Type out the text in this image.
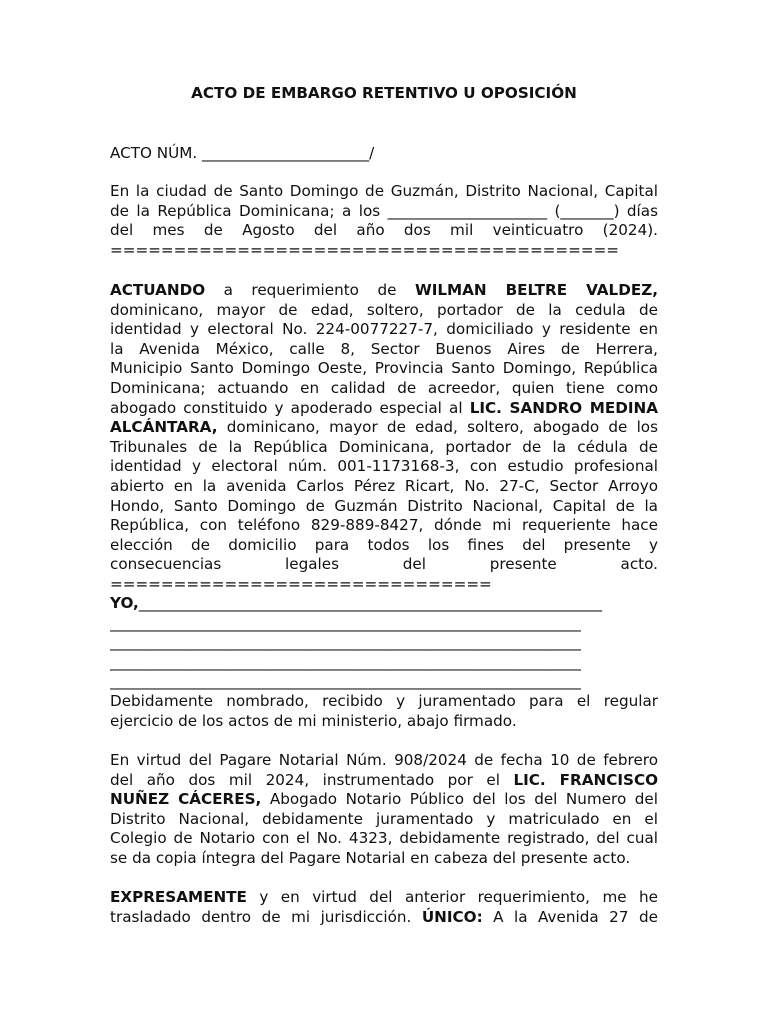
ACTO DE EMBARGO RETENTIVO U OPOSICIÓN
ACTO NÚM. ______________________/
En la ciudad de Santo Domingo de Guzmán, Distrito Nacional, Capital
de la República Dominicana; a los _____________________ (_______) días
del mes de Agosto del año dos mil veinticuatro (2024).
========================================
ACTUANDO a requerimiento de WILMAN BELTRE VALDEZ,
dominicano, mayor de edad, soltero, portador de la cedula de
identidad y electoral No. 224-0077227-7, domiciliado y residente en
la Avenida México, calle 8, Sector Buenos Aires de Herrera,
Municipio Santo Domingo Oeste, Provincia Santo Domingo, República
Dominicana; actuando en calidad de acreedor, quien tiene como
abogado constituido y apoderado especial al LIC. SANDRO MEDINA
ALCÁNTARA, dominicano, mayor de edad, soltero, abogado de los
Tribunales de la República Dominicana, portador de la cédula de
identidad y electoral núm. 001-1173168-3, con estudio profesional
abierto en la avenida Carlos Pérez Ricart, No. 27-C, Sector Arroyo
Hondo, Santo Domingo de Guzmán Distrito Nacional, Capital de la
República, con teléfono 829-889-8427, dónde mi requeriente hace
elección de domicilio para todos los fines del presente y
consecuencias legales del presente acto.
==============================
YO,_____________________________________________________________
______________________________________________________________
______________________________________________________________
______________________________________________________________
______________________________________________________________
Debidamente nombrado, recibido y juramentado para el regular
ejercicio de los actos de mi ministerio, abajo firmado.
En virtud del Pagare Notarial Núm. 908/2024 de fecha 10 de febrero
del año dos mil 2024, instrumentado por el LIC. FRANCISCO
NUÑEZ CÁCERES, Abogado Notario Público del los del Numero del
Distrito Nacional, debidamente juramentado y matriculado en el
Colegio de Notario con el No. 4323, debidamente registrado, del cual
se da copia íntegra del Pagare Notarial en cabeza del presente acto.
EXPRESAMENTE y en virtud del anterior requerimiento, me he
trasladado dentro de mi jurisdicción. ÚNICO: A la Avenida 27 de
